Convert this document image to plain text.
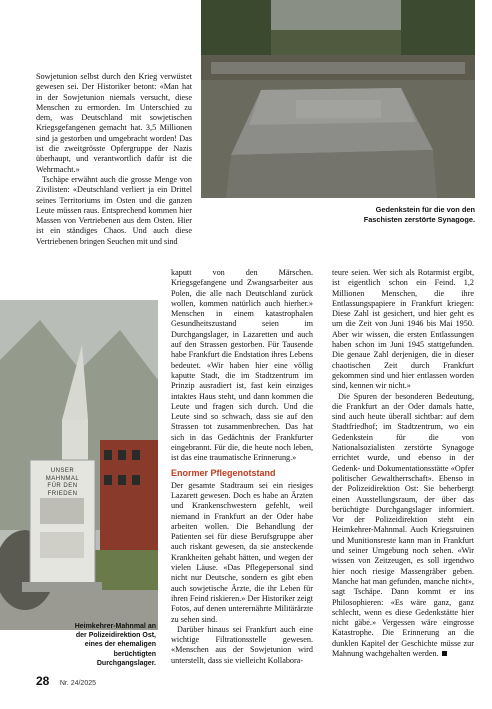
Gedenkstein für die von den Faschisten zerstörte Synagoge.

Sowjetunion selbst durch den Krieg verwüstet gewesen sei. Der Historiker betont: «Man hat in der Sowjetunion niemals versucht, diese Menschen zu ermorden. Im Unterschied zu dem, was Deutschland mit sowjetischen Kriegsgefangenen gemacht hat. 3,5 Millionen sind ja gestorben und umgebracht worden! Das ist die zweitgrösste Opfergruppe der Nazis überhaupt, und verantwortlich dafür ist die Wehrmacht.»

Tschäpe erwähnt auch die grosse Menge von Zivilisten: «Deutschland verliert ja ein Drittel seines Territoriums im Osten und die ganzen Leute müssen raus. Entsprechend kommen hier Massen von Vertriebenen aus dem Osten. Hier ist ein ständiges Chaos. Und auch diese Vertriebenen bringen Seuchen mit und sind

UNSER
MAHNMAL
FÜR DEN
FRIEDEN
Heimkehrer-Mahnmal an der Polizeidirektion Ost, eines der ehemaligen berüchtigten Durchgangslager.

kaputt von den Märschen. Kriegsgefangene und Zwangsarbeiter aus Polen, die alle nach Deutschland zurück wollen, kommen natürlich auch hierher.» Menschen in einem katastrophalen Gesundheitszustand seien im Durchgangslager, in Lazaretten und auch auf den Strassen gestorben. Für Tausende habe Frankfurt die Endstation ihres Lebens bedeutet. «Wir haben hier eine völlig kaputte Stadt, die im Stadtzentrum im Prinzip ausradiert ist, fast kein einziges intaktes Haus steht, und dann kommen die Leute und fragen sich durch. Und die Leute sind so schwach, dass sie auf den Strassen tot zusammenbrechen. Das hat sich in das Gedächtnis der Frankfurter eingebrannt. Für die, die heute noch leben, ist das eine traumatische Erinnerung.»

Enormer Pflegenotstand

Der gesamte Stadtraum sei ein riesiges Lazarett gewesen. Doch es habe an Ärzten und Krankenschwestern gefehlt, weil niemand in Frankfurt an der Oder habe arbeiten wollen. Die Behandlung der Patienten sei für diese Berufsgruppe aber auch riskant gewesen, da sie ansteckende Krankheiten gehabt hätten, und wegen der vielen Läuse. «Das Pflegepersonal sind nicht nur Deutsche, sondern es gibt eben auch sowjetische Ärzte, die ihr Leben für ihren Feind riskieren.» Der Historiker zeigt Fotos, auf denen unterernährte Militärärzte zu sehen sind.

Darüber hinaus sei Frankfurt auch eine wichtige Filtrationsstelle gewesen. «Menschen aus der Sowjetunion wird unterstellt, dass sie vielleicht Kollabora-

teure seien. Wer sich als Rotarmist ergibt, ist eigentlich schon ein Feind. 1,2 Millionen Menschen, die ihre Entlassungspapiere in Frankfurt kriegen: Diese Zahl ist gesichert, und hier geht es um die Zeit von Juni 1946 bis Mai 1950. Aber wir wissen, die ersten Entlassungen haben schon im Juni 1945 stattgefunden. Die genaue Zahl derjenigen, die in dieser chaotischen Zeit durch Frankfurt gekommen sind und hier entlassen worden sind, kennen wir nicht.»

Die Spuren der besonderen Bedeutung, die Frankfurt an der Oder damals hatte, sind auch heute überall sichtbar: auf dem Stadtfriedhof; im Stadtzentrum, wo ein Gedenkstein für die von Nationalsozialisten zerstörte Synagoge errichtet wurde, und ebenso in der Gedenk- und Dokumentationsstätte «Opfer politischer Gewaltherrschaft». Ebenso in der Polizeidirektion Ost: Sie beherbergt einen Ausstellungsraum, der über das berüchtigte Durchgangslager informiert. Vor der Polizeidirektion steht ein Heimkehrer-Mahnmal. Auch Kriegsruinen und Munitionsreste kann man in Frankfurt und seiner Umgebung noch sehen. «Wir wissen von Zeitzeugen, es soll irgendwo hier noch riesige Massengräber geben. Manche hat man gefunden, manche nicht», sagt Tschäpe. Dann kommt er ins Philosophieren: «Es wäre ganz, ganz schlecht, wenn es diese Gedenkstätte hier nicht gäbe.» Vergessen wäre eingrosse Katastrophe. Die Erinnerung an die dunklen Kapitel der Geschichte müsse zur Mahnung wachgehalten werden.

28 Nr. 24/2025
